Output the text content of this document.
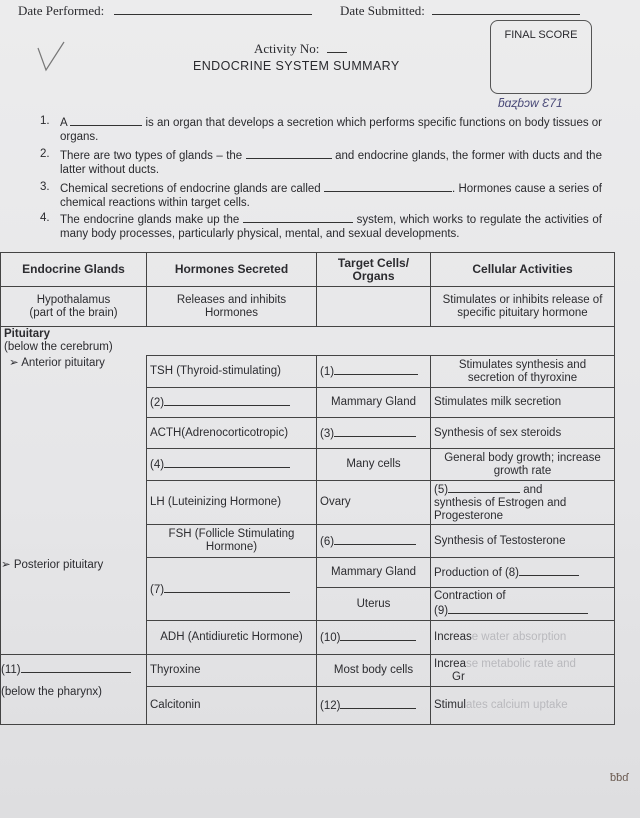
Date Performed:	Date Submitted:
Activity No:
ENDOCRINE SYSTEM SUMMARY
FINAL SCORE
ƃɑʐɓɔw Ɛ71
1. A	is an organ that develops a secretion which performs specific functions on body tissues or organs.
2. There are two types of glands – the	and endocrine glands, the former with ducts and the latter without ducts.
3. Chemical secretions of endocrine glands are called	. Hormones cause a series of chemical reactions within target cells.
4. The endocrine glands make up the	system, which works to regulate the activities of many body processes, particularly physical, mental, and sexual developments.
Endocrine Glands	Hormones Secreted	Target Cells/ Organs	Cellular Activities

Hypothalamus
(part of the brain)	Releases and inhibits Hormones		Stimulates or inhibits release of specific pituitary hormone

Pituitary
(below the cerebrum)			

➢ Anterior pituitary	TSH (Thyroid-stimulating)	(1)	Stimulates synthesis and secretion of thyroxine
	(2)	Mammary Gland	Stimulates milk secretion
	ACTH(Adrenocorticotropic)	(3)	Synthesis of sex steroids
	(4)	Many cells	General body growth; increase growth rate
	LH (Luteinizing Hormone)	Ovary	(5) and
synthesis of Estrogen and Progesterone

	FSH (Follicle Stimulating Hormone)	(6)	Synthesis of Testosterone
➢ Posterior pituitary	(7)	Mammary Gland	Production of (8)
		Uterus	Contraction of
(9)

	ADH (Antidiuretic Hormone)	(10)	Increase water absorption

(11)
(below the pharynx)	Thyroxine	Most body cells	Increase metabolic rate and
Gr

	Calcitonin	(12)	Stimulates calcium uptake
ƀƀɗ
